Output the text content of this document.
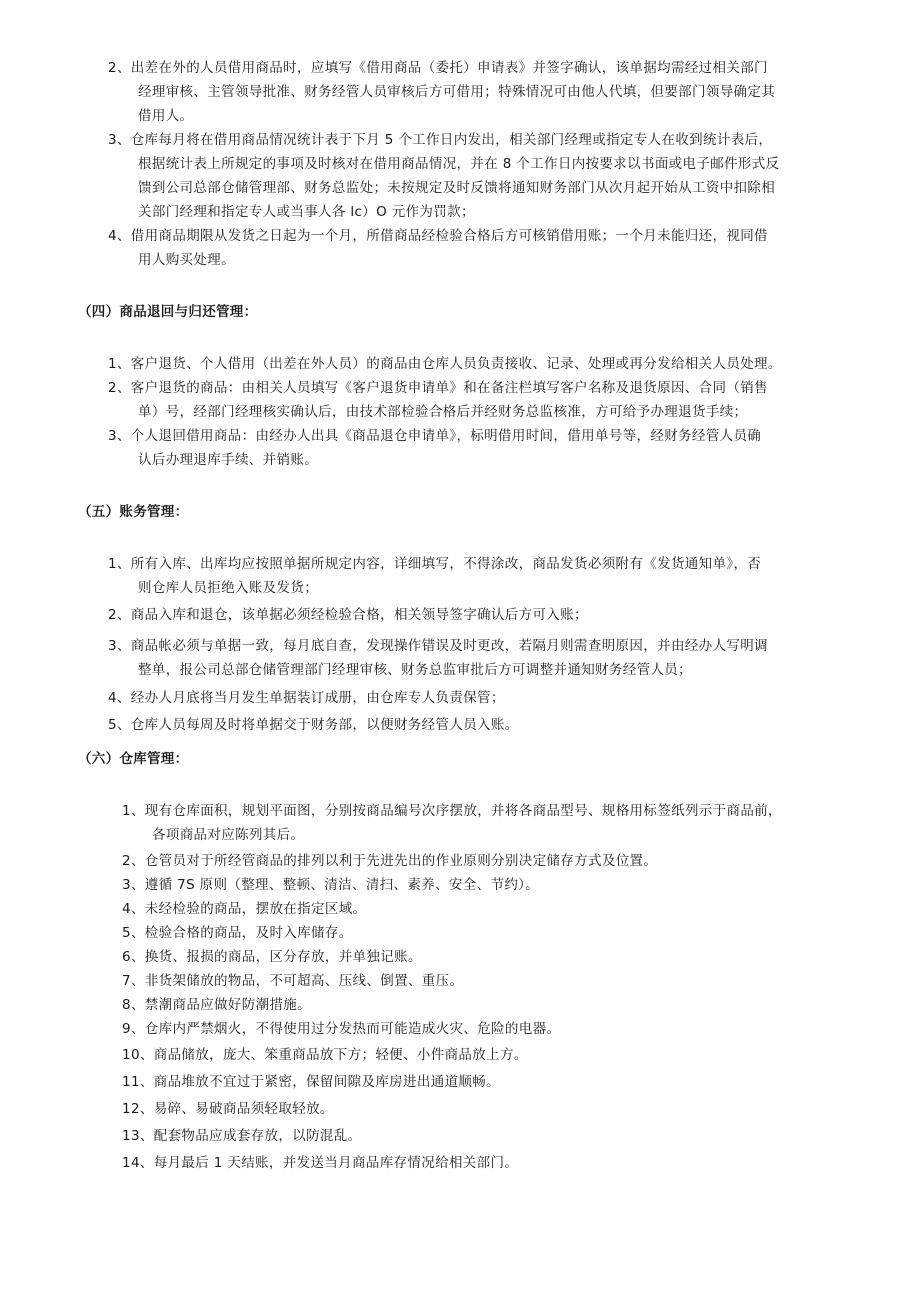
2、出差在外的人员借用商品时，应填写《借用商品（委托）申请表》并签字确认，该单据均需经过相关部门
经理审核、主管领导批准、财务经管人员审核后方可借用；特殊情况可由他人代填，但要部门领导确定其
借用人。
3、仓库每月将在借用商品情况统计表于下月 5 个工作日内发出，相关部门经理或指定专人在收到统计表后，
根据统计表上所规定的事项及时核对在借用商品情况，并在 8 个工作日内按要求以书面或电子邮件形式反
馈到公司总部仓储管理部、财务总监处；未按规定及时反馈将通知财务部门从次月起开始从工资中扣除相
关部门经理和指定专人或当事人各 lc）O 元作为罚款；
4、借用商品期限从发货之日起为一个月，所借商品经检验合格后方可核销借用账；一个月未能归还，视同借
用人购买处理。
（四）商品退回与归还管理：
1、客户退货、个人借用（出差在外人员）的商品由仓库人员负责接收、记录、处理或再分发给相关人员处理。
2、客户退货的商品：由相关人员填写《客户退货申请单》和在备注栏填写客户名称及退货原因、合同（销售
单）号，经部门经理核实确认后，由技术部检验合格后并经财务总监核准，方可给予办理退货手续；
3、个人退回借用商品：由经办人出具《商品退仓申请单》，标明借用时间，借用单号等，经财务经管人员确
认后办理退库手续、并销账。
（五）账务管理：
1、所有入库、出库均应按照单据所规定内容，详细填写，不得涂改，商品发货必须附有《发货通知单》，否
则仓库人员拒绝入账及发货；
2、商品入库和退仓，该单据必须经检验合格，相关领导签字确认后方可入账；
3、商品帐必须与单据一致，每月底自查，发现操作错误及时更改，若隔月则需查明原因，并由经办人写明调
整单，报公司总部仓储管理部门经理审核、财务总监审批后方可调整并通知财务经管人员；
4、经办人月底将当月发生单据装订成册，由仓库专人负责保管；
5、仓库人员每周及时将单据交于财务部，以便财务经管人员入账。
（六）仓库管理：
1、现有仓库面积，规划平面图，分别按商品编号次序摆放，并将各商品型号、规格用标签纸列示于商品前，
各项商品对应陈列其后。
2、仓管员对于所经管商品的排列以利于先进先出的作业原则分别决定储存方式及位置。
3、遵循 7S 原则（整理、整顿、清洁、清扫、素养、安全、节约）。
4、未经检验的商品，摆放在指定区域。
5、检验合格的商品，及时入库储存。
6、换货、报损的商品，区分存放，并单独记账。
7、非货架储放的物品，不可超高、压线、倒置、重压。
8、禁潮商品应做好防潮措施。
9、仓库内严禁烟火，不得使用过分发热而可能造成火灾、危险的电器。
10、商品储放，庞大、笨重商品放下方；轻便、小件商品放上方。
11、商品堆放不宜过于紧密，保留间隙及库房进出通道顺畅。
12、易碎、易破商品须轻取轻放。
13、配套物品应成套存放，以防混乱。
14、每月最后 1 天结账，并发送当月商品库存情况给相关部门。
